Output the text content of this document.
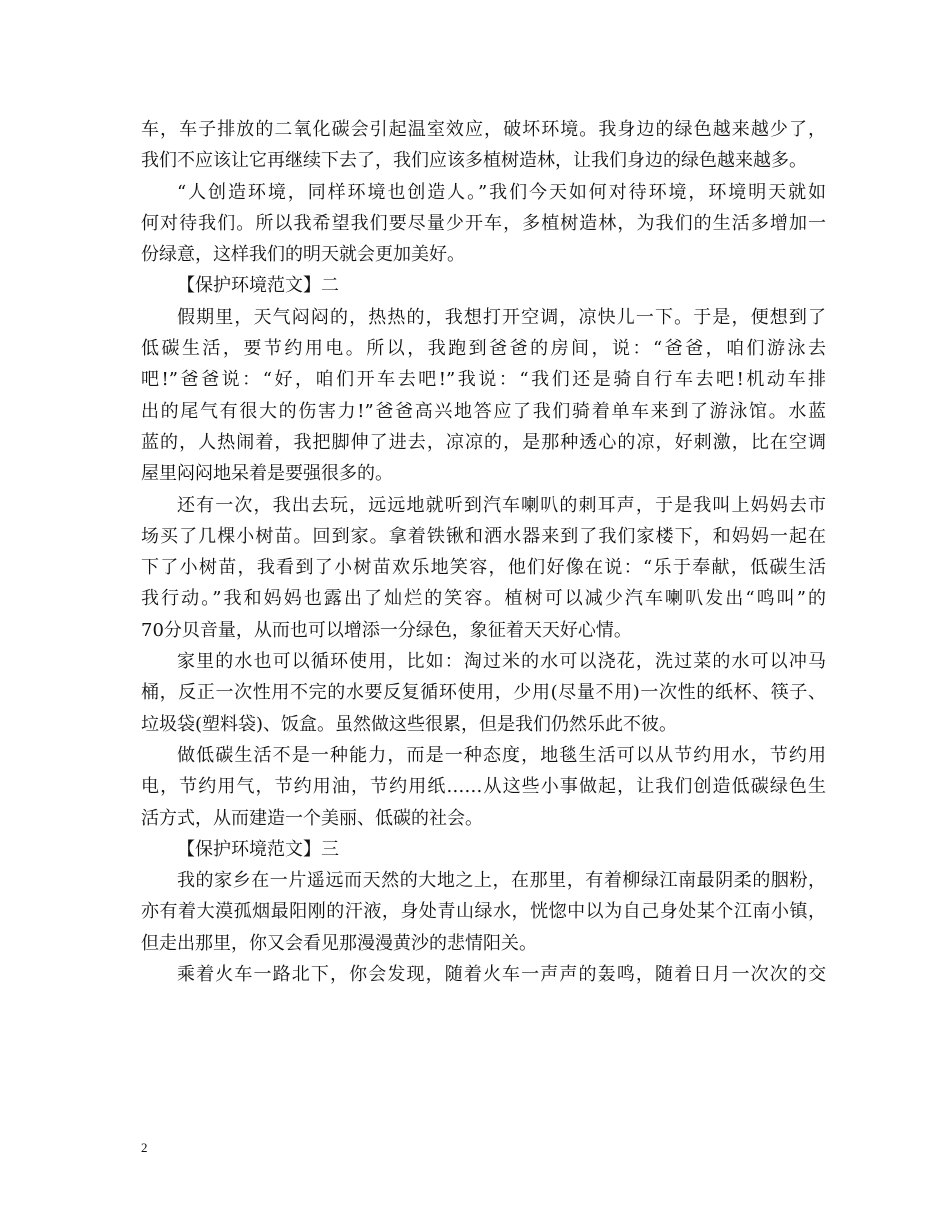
车，车子排放的二氧化碳会引起温室效应，破坏环境。我身边的绿色越来越少了，
我们不应该让它再继续下去了，我们应该多植树造林，让我们身边的绿色越来越多。
“人创造环境，同样环境也创造人。”我们今天如何对待环境，环境明天就如
何对待我们。所以我希望我们要尽量少开车，多植树造林，为我们的生活多增加一
份绿意，这样我们的明天就会更加美好。
【保护环境范文】二
假期里，天气闷闷的，热热的，我想打开空调，凉快儿一下。于是，便想到了
低碳生活，要节约用电。所以，我跑到爸爸的房间，说：“爸爸，咱们游泳去
吧!”爸爸说：“好，咱们开车去吧!”我说：“我们还是骑自行车去吧!机动车排
出的尾气有很大的伤害力!”爸爸高兴地答应了我们骑着单车来到了游泳馆。水蓝
蓝的，人热闹着，我把脚伸了进去，凉凉的，是那种透心的凉，好刺激，比在空调
屋里闷闷地呆着是要强很多的。
还有一次，我出去玩，远远地就听到汽车喇叭的刺耳声，于是我叫上妈妈去市
场买了几棵小树苗。回到家。拿着铁锹和洒水器来到了我们家楼下，和妈妈一起在
下了小树苗，我看到了小树苗欢乐地笑容，他们好像在说：“乐于奉献，低碳生活
我行动。”我和妈妈也露出了灿烂的笑容。植树可以减少汽车喇叭发出“鸣叫”的
70分贝音量，从而也可以增添一分绿色，象征着天天好心情。
家里的水也可以循环使用，比如：淘过米的水可以浇花，洗过菜的水可以冲马
桶，反正一次性用不完的水要反复循环使用，少用(尽量不用)一次性的纸杯、筷子、
垃圾袋(塑料袋)、饭盒。虽然做这些很累，但是我们仍然乐此不彼。
做低碳生活不是一种能力，而是一种态度，地毯生活可以从节约用水，节约用
电，节约用气，节约用油，节约用纸……从这些小事做起，让我们创造低碳绿色生
活方式，从而建造一个美丽、低碳的社会。
【保护环境范文】三
我的家乡在一片遥远而天然的大地之上，在那里，有着柳绿江南最阴柔的胭粉，
亦有着大漠孤烟最阳刚的汗液，身处青山绿水，恍惚中以为自己身处某个江南小镇，
但走出那里，你又会看见那漫漫黄沙的悲情阳关。
乘着火车一路北下，你会发现，随着火车一声声的轰鸣，随着日月一次次的交
2
